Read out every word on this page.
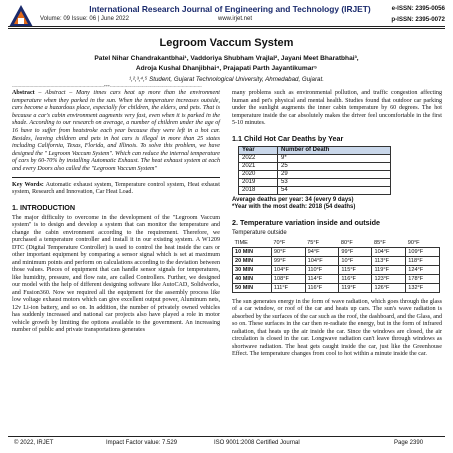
International Research Journal of Engineering and Technology (IRJET)
Volume: 09 Issue: 06 | June 2022	www.irjet.net
e-ISSN: 2395-0056
p-ISSN: 2395-0072
Legroom Vaccum System
Patel Nihar Chandrakantbhai¹, Vaddoriya Shubham Vrajlal², Jayani Meet Bharatbhai³,
Adroja Kushal Dhanjibhai⁴, Prajapati Parth Jayantikumar⁵
¹,²,³,⁴,⁵ Student, Gujarat Technological University, Ahmedabad, Gujarat.
---------------------------------------------------------------------***---------------------------------------------------------------------

Abstract – Abstract – Many times cars heat up more than the environment temperature when they parked in the sun. When the temperature increases outside, cars become a hazardous place, especially for children, the elders, and pets. That is because a car's cabin environment augments very fast, even when it is parked in the shade. According to our research on average, a number of children under the age of 16 have to suffer from heatstroke each year because they were left in a hot car. Besides, leaving children and pets in hot cars is illegal in more than 25 states including California, Texas, Florida, and Illinois. To solve this problem, we have designed the " Legroom Vaccum System". Which can reduce the internal temperature of cars by 60-70% by installing Automatic Exhaust. The heat exhaust system at each and every Doors also called the "Legroom Vaccum System"

Key Words: Automatic exhaust system, Temperature control system, Heat exhaust system, Research and Innovation, Car Heat Load.

1. INTRODUCTION

The major difficulty to overcome in the development of the "Legroom Vaccum system" is to design and develop a system that can monitor the temperature and change the cabin environment according to the requirement. Therefore, we purchased a temperature controller and install it in our existing system. A W1209 DTC (Digital Temperature Controller) is used to control the heat inside the cars or other important equipment by comparing a sensor signal which is set at maximum and minimum points and perform on calculations according to the deviation between those values. Pieces of equipment that can handle sensor signals for temperatures, like humidity, pressure, and flow rate, are called Controllers. Further, we designed our model with the help of different designing software like AutoCAD, Solidworks, and Fusion360. Now we required all the equipment for the assembly process like low voltage exhaust motors which can give excellent output power, Aluminum nets, 12v Li-ion battery, and so on. In addition, the number of privately owned vehicles has suddenly increased and national car projects also have played a role in motor vehicle growth by limiting the options available to the government. An increasing number of public and private transportations generates

many problems such as environmental pollution, and traffic congestion affecting human and pet's physical and mental health. Studies found that outdoor car parking under the sunlight augments the inner cabin temperature by 60 degrees. The hot temperature inside the car absolutely makes the driver feel uncomfortable in the first 5-10 minutes.

1.1 Child Hot Car Deaths by Year
Year	Number of Death
2022	9*
2021	25
2020	29
2019	53
2018	54
Average deaths per year: 34 (every 9 days)
*Year with the most death: 2018 (54 deaths)
2. Temperature variation inside and outside
Temperature outside
TIME	70°F	75°F	80°F	85°F	90°F
10 MIN	90°F	94°F	99°F	104°F	109°F
20 MIN	99°F	104°F	10°F	113°F	118°F
30 MIN	104°F	110°F	115°F	119°F	124°F
40 MIN	108°F	114°F	116°F	123°F	178°F
50 MIN	111°F	116°F	119°F	126°F	132°F

The sun generates energy in the form of wave radiation, which goes through the glass of a car window, or roof of the car and heats up cars. The sun's wave radiation is absorbed by the surfaces of the car such as the roof, the dashboard, and the Glass, and so on. These surfaces in the car then re-radiate the energy, but in the form of infrared radiation, that heats up the air inside the car. Since the windows are closed, the air circulation is closed in the car. Longwave radiation can't leave through windows as shortwave radiation. The heat gets caught inside the car, just like the Greenhouse Effect. The temperature changes from cool to hot within a minute inside the car.

© 2022, IRJET	Impact Factor value: 7.529	ISO 9001:2008 Certified Journal	Page 2390
